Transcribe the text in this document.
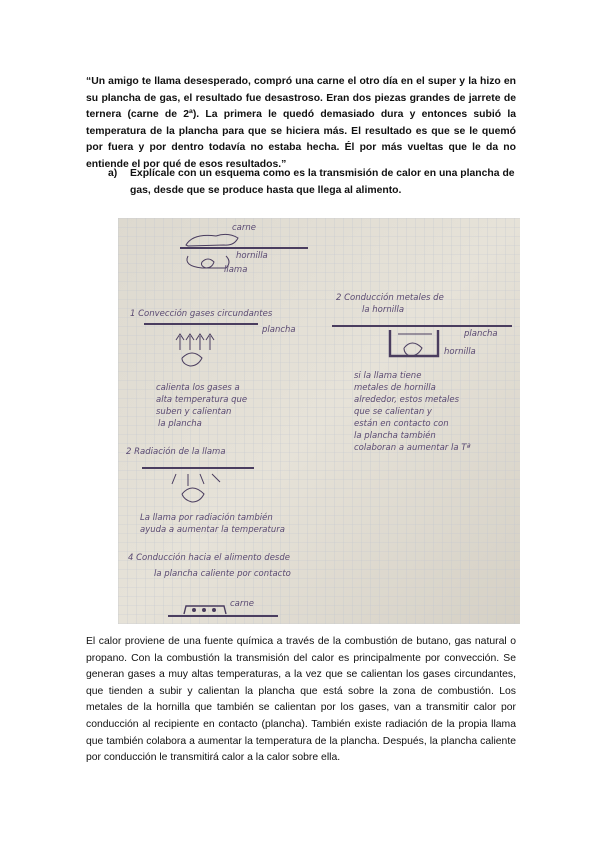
“Un amigo te llama desesperado, compró una carne el otro día en el super y la hizo en su plancha de gas, el resultado fue desastroso. Eran dos piezas grandes de jarrete de ternera (carne de 2ª). La primera le quedó demasiado dura y entonces subió la temperatura de la plancha para que se hiciera más. El resultado es que se le quemó por fuera y por dentro todavía no estaba hecha. Él por más vueltas que le da no entiende el por qué de esos resultados.”
a) Explícale con un esquema como es la transmisión de calor en una plancha de gas, desde que se produce hasta que llega al alimento.
carne
hornilla
llama
1 Convección gases circundantes
plancha
calienta los gases a
alta temperatura que
suben y calientan
la plancha
2 Conducción metales de
la hornilla
plancha
hornilla
si la llama tiene
metales de hornilla
alrededor, estos metales
que se calientan y
están en contacto con
la plancha también
colaboran a aumentar la Tª
2 Radiación de la llama
La llama por radiación también
ayuda a aumentar la temperatura
4 Conducción hacia el alimento desde
la plancha caliente por contacto
carne
El calor proviene de una fuente química a través de la combustión de butano, gas natural o propano. Con la combustión la transmisión del calor es principalmente por convección. Se generan gases a muy altas temperaturas, a la vez que se calientan los gases circundantes, que tienden a subir y calientan la plancha que está sobre la zona de combustión. Los metales de la hornilla que también se calientan por los gases, van a transmitir calor por conducción al recipiente en contacto (plancha). También existe radiación de la propia llama que también colabora a aumentar la temperatura de la plancha. Después, la plancha caliente por conducción le transmitirá calor a la calor sobre ella.
